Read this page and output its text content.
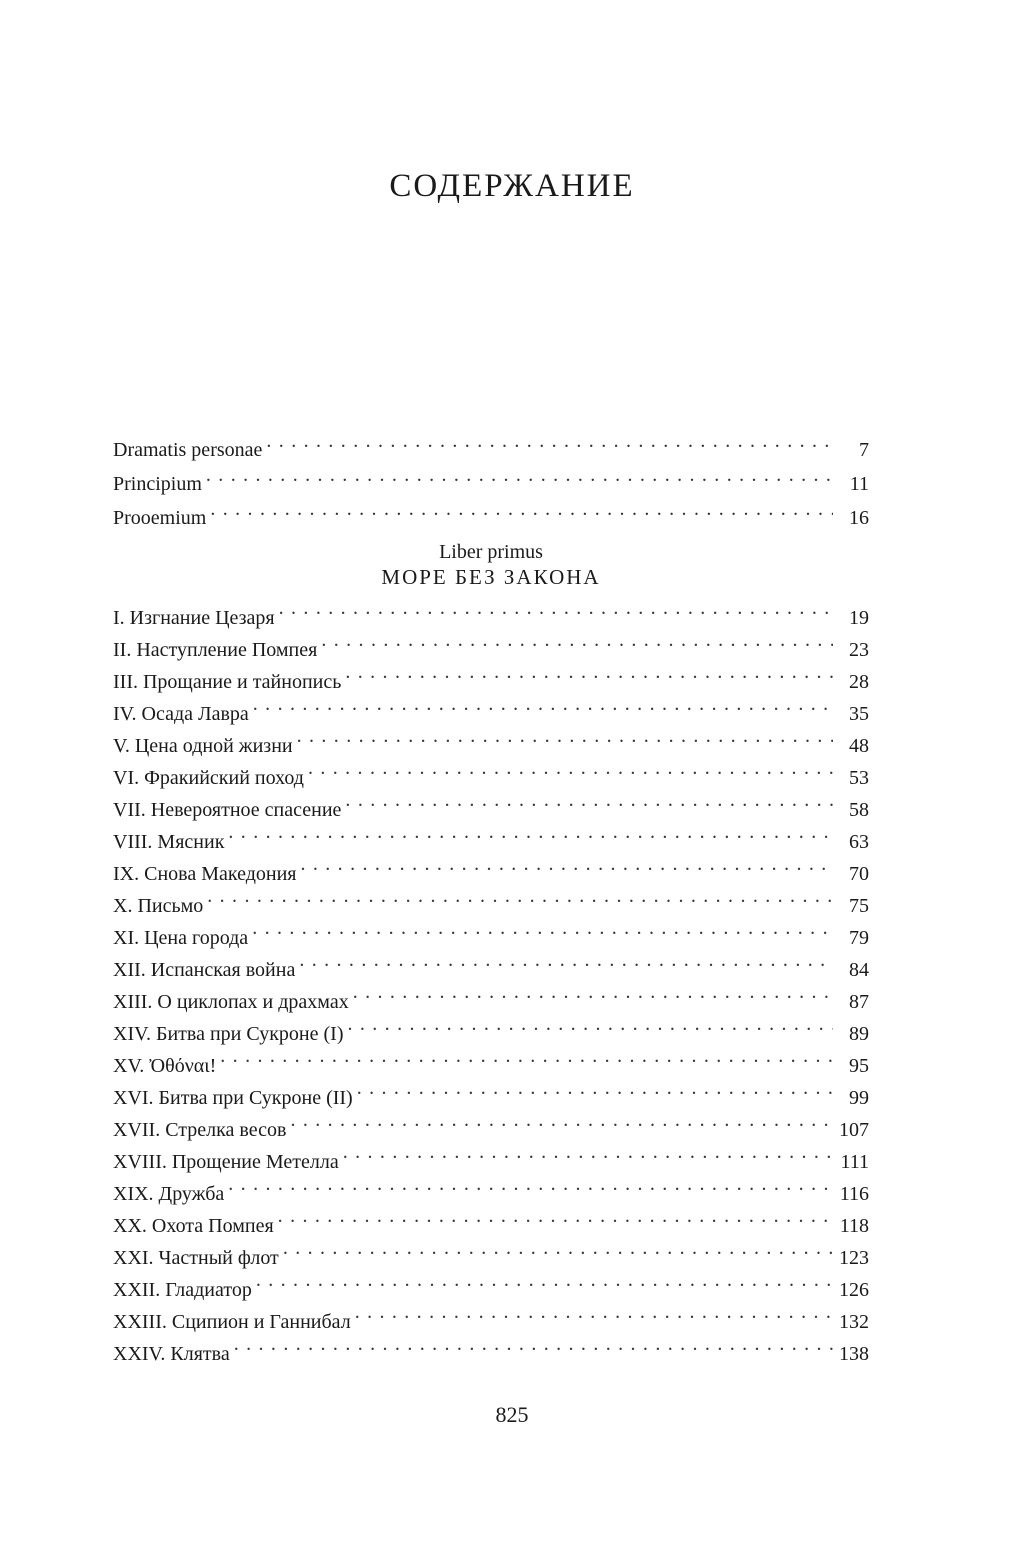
СОДЕРЖАНИЕ
Dramatis personae . . .	7
Principium . . .	11
Prooemium . . .	16
Liber primus
МОРЕ БЕЗ ЗАКОНА
I. Изгнание Цезаря . . .	19
II. Наступление Помпея . . .	23
III. Прощание и тайнопись . . .	28
IV. Осада Лавра . . .	35
V. Цена одной жизни . . .	48
VI. Фракийский поход . . .	53
VII. Невероятное спасение . . .	58
VIII. Мясник . . .	63
IX. Снова Македония . . .	70
X. Письмо . . .	75
XI. Цена города . . .	79
XII. Испанская война . . .	84
XIII. О циклопах и драхмах . . .	87
XIV. Битва при Сукроне (I) . . .	89
XV. Ὀθόναι! . . .	95
XVI. Битва при Сукроне (II) . . .	99
XVII. Стрелка весов . . .	107
XVIII. Прощение Метелла . . .	111
XIX. Дружба . . .	116
XX. Охота Помпея . . .	118
XXI. Частный флот . . .	123
XXII. Гладиатор . . .	126
XXIII. Сципион и Ганнибал . . .	132
XXIV. Клятва . . .	138
825
